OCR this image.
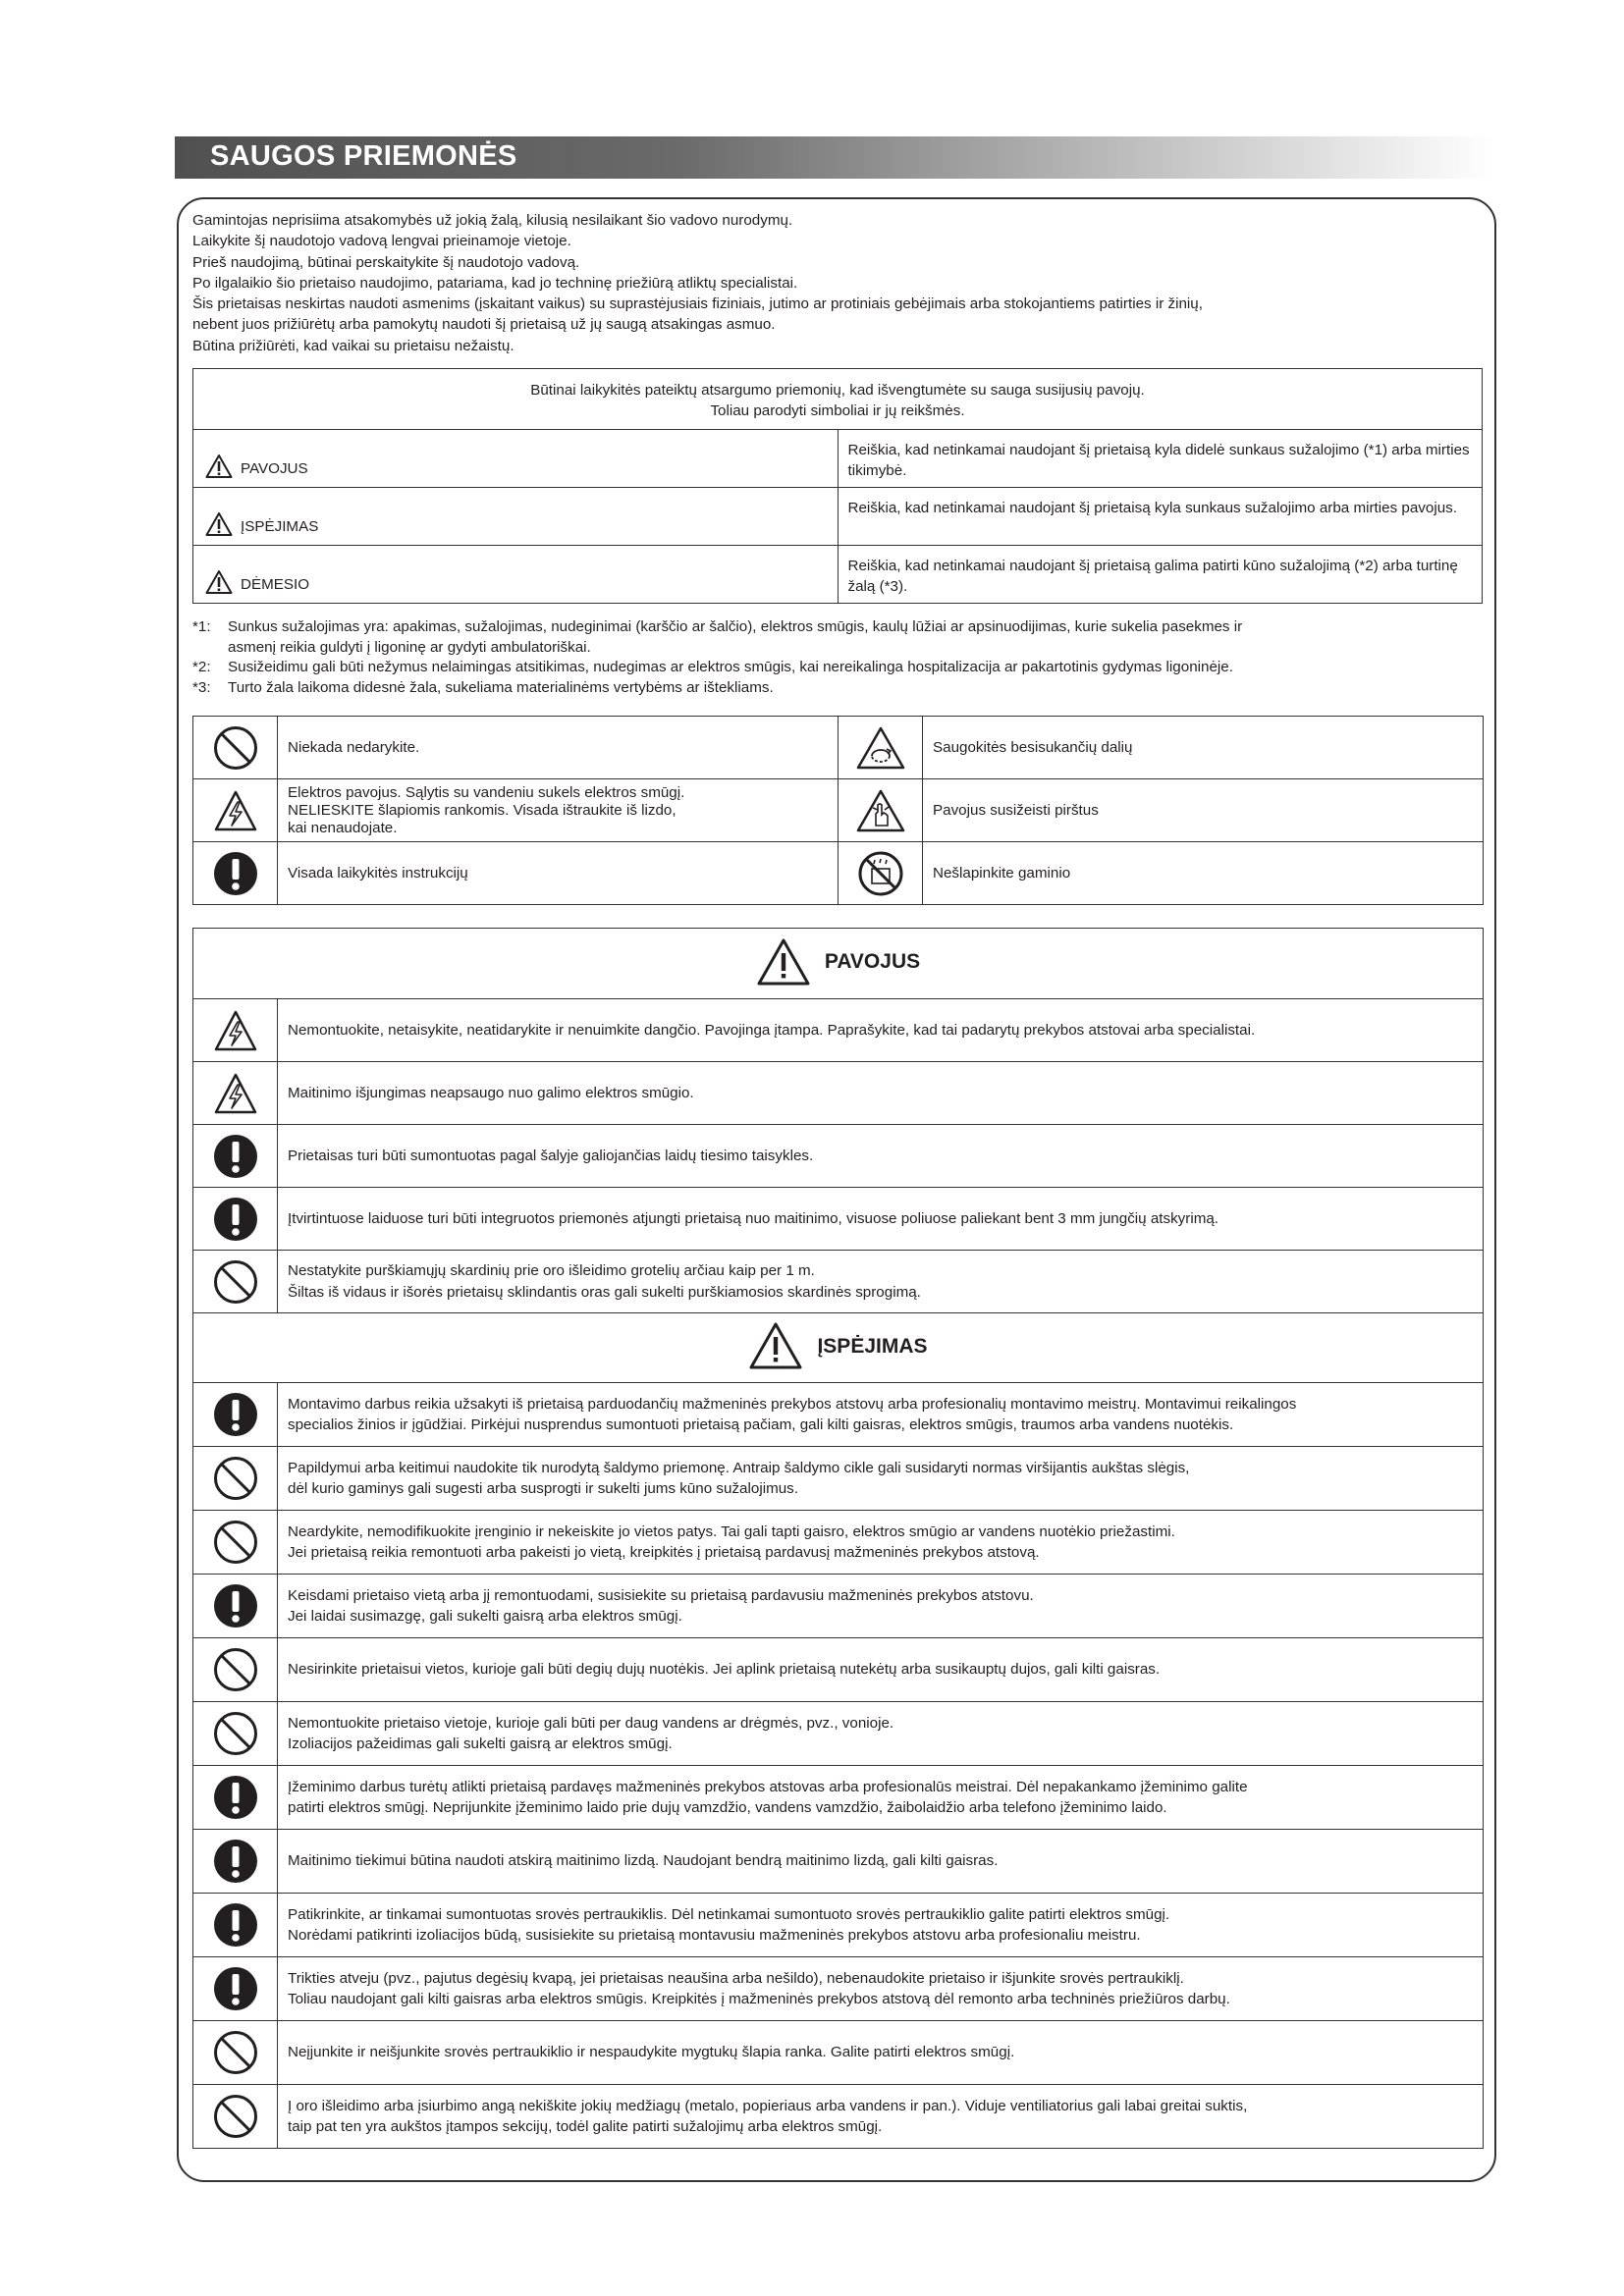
SAUGOS PRIEMONĖS
Gamintojas neprisiima atsakomybės už jokią žalą, kilusią nesilaikant šio vadovo nurodymų.
Laikykite šį naudotojo vadovą lengvai prieinamoje vietoje.
Prieš naudojimą, būtinai perskaitykite šį naudotojo vadovą.
Po ilgalaikio šio prietaiso naudojimo, patariama, kad jo techninę priežiūrą atliktų specialistai.
Šis prietaisas neskirtas naudoti asmenims (įskaitant vaikus) su suprastėjusiais fiziniais, jutimo ar protiniais gebėjimais arba stokojantiems patirties ir žinių,
nebent juos prižiūrėtų arba pamokytų naudoti šį prietaisą už jų saugą atsakingas asmuo.
Būtina prižiūrėti, kad vaikai su prietaisu nežaistų.
Būtinai laikykitės pateiktų atsargumo priemonių, kad išvengtumėte su sauga susijusių pavojų.
Toliau parodyti simboliai ir jų reikšmės.	

PAVOJUS	Reiškia, kad netinkamai naudojant šį prietaisą kyla didelė sunkaus sužalojimo (*1) arba mirties tikimybė.

ĮSPĖJIMAS	Reiškia, kad netinkamai naudojant šį prietaisą kyla sunkaus sužalojimo arba mirties pavojus.

DĖMESIO	Reiškia, kad netinkamai naudojant šį prietaisą galima patirti kūno sužalojimą (*2) arba turtinę žalą (*3).
*1:	Sunkus sužalojimas yra: apakimas, sužalojimas, nudeginimai (karščio ar šalčio), elektros smūgis, kaulų lūžiai ar apsinuodijimas, kurie sukelia pasekmes ir
asmenį reikia guldyti į ligoninę ar gydyti ambulatoriškai.
*2:	Susižeidimu gali būti nežymus nelaimingas atsitikimas, nudegimas ar elektros smūgis, kai nereikalinga hospitalizacija ar pakartotinis gydymas ligoninėje.
*3:	Turto žala laikoma didesnė žala, sukeliama materialinėms vertybėms ar ištekliams.
	Niekada nedarykite.		Saugokitės besisukančių dalių

Elektros pavojus. Sąlytis su vandeniu sukels elektros smūgį.
NELIESKITE šlapiomis rankomis. Visada ištraukite iš lizdo,
kai nenaudojate.		Pavojus susižeisti pirštus
	Visada laikykitės instrukcijų		Nešlapinkite gaminio
PAVOJUS	

Nemontuokite, netaisykite, neatidarykite ir nenuimkite dangčio. Pavojinga įtampa. Paprašykite, kad tai padarytų prekybos atstovai arba specialistai.

Maitinimo išjungimas neapsaugo nuo galimo elektros smūgio.

Prietaisas turi būti sumontuotas pagal šalyje galiojančias laidų tiesimo taisykles.

Įtvirtintuose laiduose turi būti integruotos priemonės atjungti prietaisą nuo maitinimo, visuose poliuose paliekant bent 3 mm jungčių atskyrimą.

Nestatykite purškiamųjų skardinių prie oro išleidimo grotelių arčiau kaip per 1 m.
Šiltas iš vidaus ir išorės prietaisų sklindantis oras gali sukelti purškiamosios skardinės sprogimą.

ĮSPĖJIMAS	

Montavimo darbus reikia užsakyti iš prietaisą parduodančių mažmeninės prekybos atstovų arba profesionalių montavimo meistrų. Montavimui reikalingos
specialios žinios ir įgūdžiai. Pirkėjui nusprendus sumontuoti prietaisą pačiam, gali kilti gaisras, elektros smūgis, traumos arba vandens nuotėkis.

Papildymui arba keitimui naudokite tik nurodytą šaldymo priemonę. Antraip šaldymo cikle gali susidaryti normas viršijantis aukštas slėgis,
dėl kurio gaminys gali sugesti arba susprogti ir sukelti jums kūno sužalojimus.

Neardykite, nemodifikuokite įrenginio ir nekeiskite jo vietos patys. Tai gali tapti gaisro, elektros smūgio ar vandens nuotėkio priežastimi.
Jei prietaisą reikia remontuoti arba pakeisti jo vietą, kreipkitės į prietaisą pardavusį mažmeninės prekybos atstovą.

Keisdami prietaiso vietą arba jį remontuodami, susisiekite su prietaisą pardavusiu mažmeninės prekybos atstovu.
Jei laidai susimazgę, gali sukelti gaisrą arba elektros smūgį.

Nesirinkite prietaisui vietos, kurioje gali būti degių dujų nuotėkis. Jei aplink prietaisą nutekėtų arba susikauptų dujos, gali kilti gaisras.

Nemontuokite prietaiso vietoje, kurioje gali būti per daug vandens ar drėgmės, pvz., vonioje.
Izoliacijos pažeidimas gali sukelti gaisrą ar elektros smūgį.

Įžeminimo darbus turėtų atlikti prietaisą pardavęs mažmeninės prekybos atstovas arba profesionalūs meistrai. Dėl nepakankamo įžeminimo galite
patirti elektros smūgį. Neprijunkite įžeminimo laido prie dujų vamzdžio, vandens vamzdžio, žaibolaidžio arba telefono įžeminimo laido.

Maitinimo tiekimui būtina naudoti atskirą maitinimo lizdą. Naudojant bendrą maitinimo lizdą, gali kilti gaisras.

Patikrinkite, ar tinkamai sumontuotas srovės pertraukiklis. Dėl netinkamai sumontuoto srovės pertraukiklio galite patirti elektros smūgį.
Norėdami patikrinti izoliacijos būdą, susisiekite su prietaisą montavusiu mažmeninės prekybos atstovu arba profesionaliu meistru.

Trikties atveju (pvz., pajutus degėsių kvapą, jei prietaisas neaušina arba nešildo), nebenaudokite prietaiso ir išjunkite srovės pertraukiklį.
Toliau naudojant gali kilti gaisras arba elektros smūgis. Kreipkitės į mažmeninės prekybos atstovą dėl remonto arba techninės priežiūros darbų.

Neįjunkite ir neišjunkite srovės pertraukiklio ir nespaudykite mygtukų šlapia ranka. Galite patirti elektros smūgį.

Į oro išleidimo arba įsiurbimo angą nekiškite jokių medžiagų (metalo, popieriaus arba vandens ir pan.). Viduje ventiliatorius gali labai greitai suktis,
taip pat ten yra aukštos įtampos sekcijų, todėl galite patirti sužalojimų arba elektros smūgį.
